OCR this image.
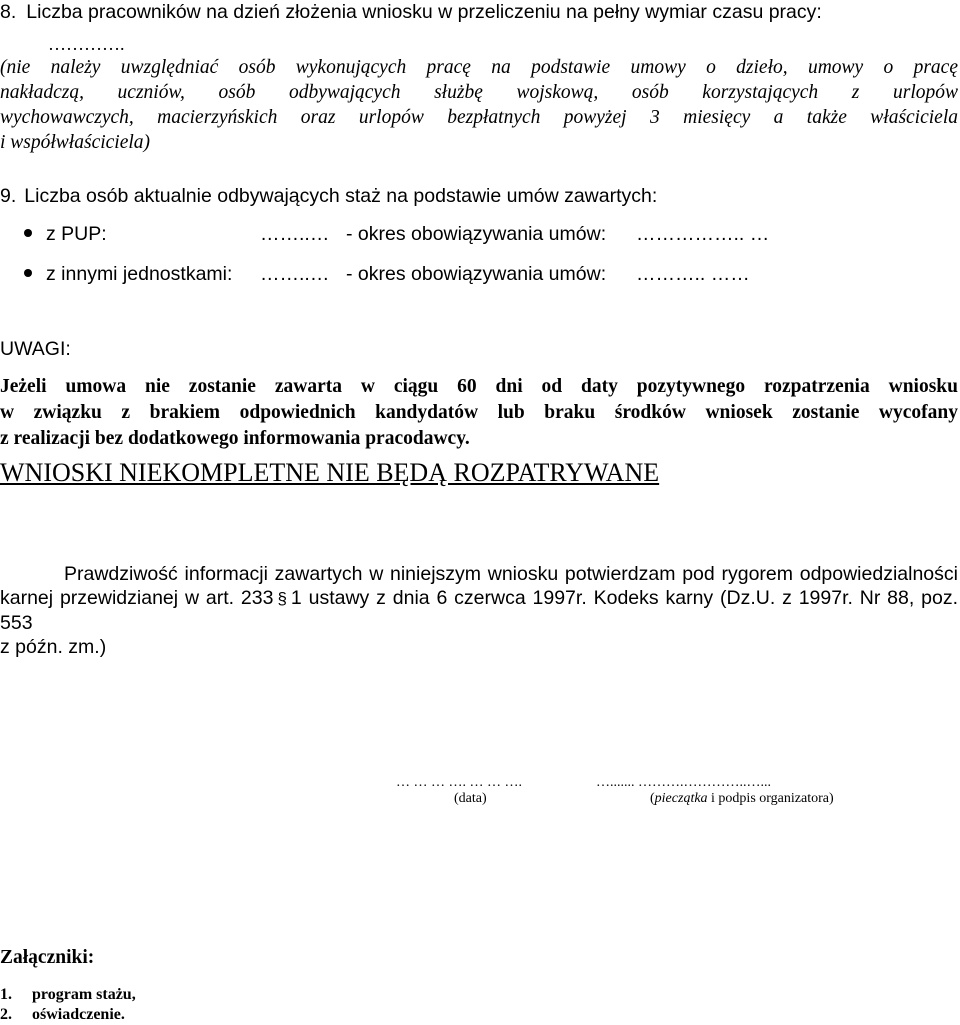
8. Liczba pracowników na dzień złożenia wniosku w przeliczeniu na pełny wymiar czasu pracy:
………….

(nie należy uwzględniać osób wykonujących pracę na podstawie umowy o dzieło, umowy o pracę

nakładczą, uczniów, osób odbywających służbę wojskową, osób korzystających z urlopów

wychowawczych, macierzyńskich oraz urlopów bezpłatnych powyżej 3 miesięcy a także właściciela

i współwłaściciela)

9. Liczba osób aktualnie odbywających staż na podstawie umów zawartych:
z PUP:	……..… - okres obowiązywania umów: …………….. …
z innymi jednostkami: ……..… - okres obowiązywania umów: ……….. ……
UWAGI:

Jeżeli umowa nie zostanie zawarta w ciągu 60 dni od daty pozytywnego rozpatrzenia wniosku

w związku z brakiem odpowiednich kandydatów lub braku środków wniosek zostanie wycofany

z realizacji bez dodatkowego informowania pracodawcy.

WNIOSKI NIEKOMPLETNE NIE BĘDĄ ROZPATRYWANE

Prawdziwość informacji zawartych w niniejszym wniosku potwierdzam pod rygorem odpowiedzialności

karnej przewidzianej w art. 233 § 1 ustawy z dnia 6 czerwca 1997r. Kodeks karny (Dz.U. z 1997r. Nr 88, poz. 553

z późn. zm.)

… … … …. … … ….	…....... ……….…………..…...
(data)	(pieczątka i podpis organizatora)
Załączniki:
1. program stażu,
2. oświadczenie.
